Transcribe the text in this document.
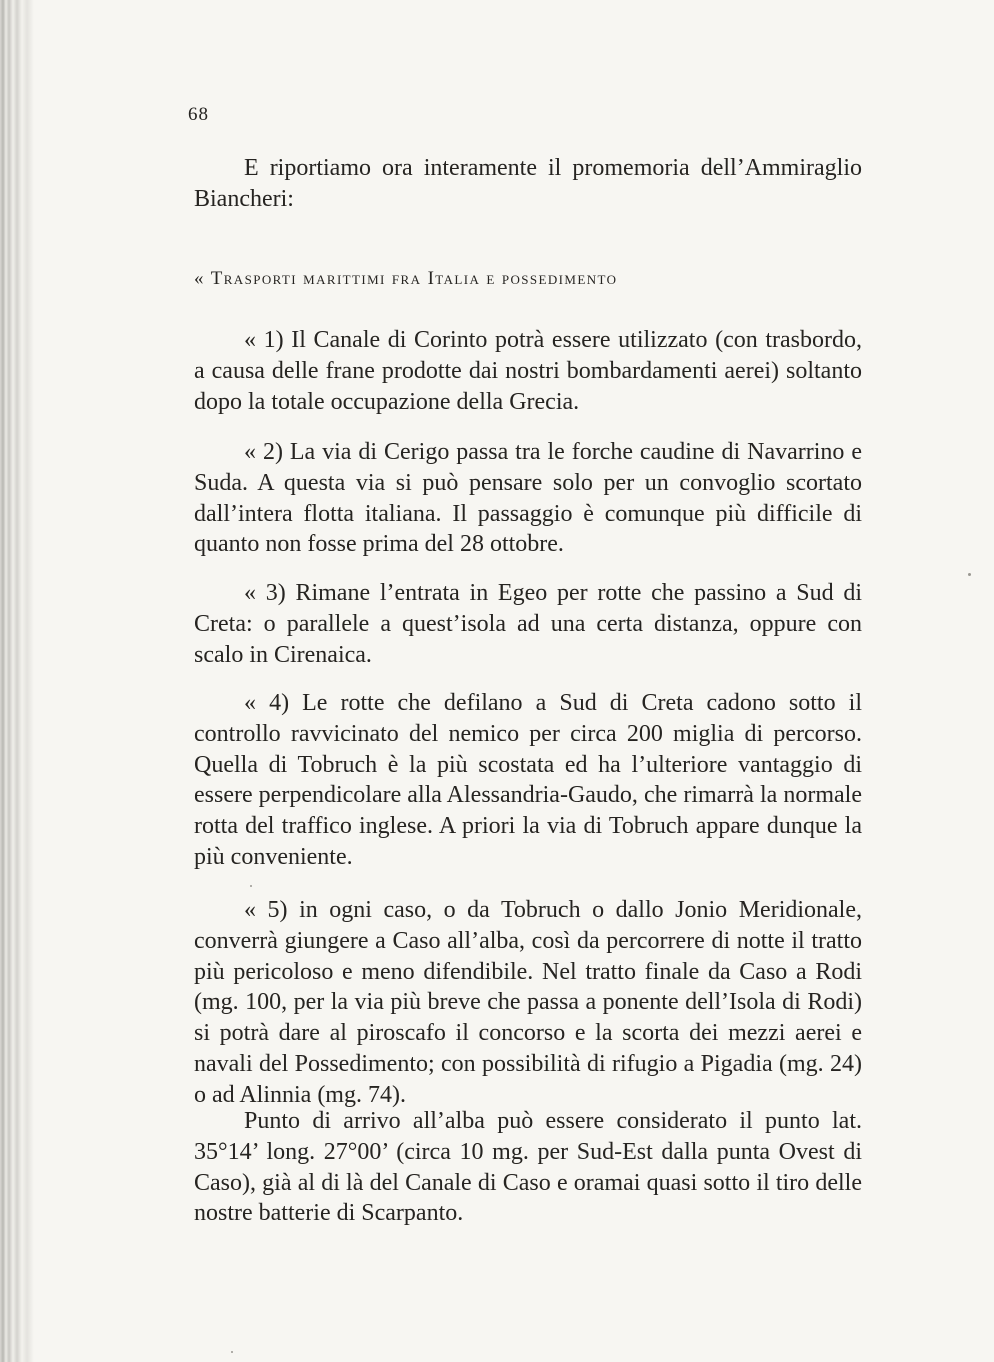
68

E riportiamo ora interamente il promemoria dell’Ammiraglio Biancheri:

« Trasporti marittimi fra Italia e possedimento

« 1) Il Canale di Corinto potrà essere utilizzato (con trasbordo, a causa delle frane prodotte dai nostri bombardamenti aerei) soltanto dopo la totale occupazione della Grecia.

« 2) La via di Cerigo passa tra le forche caudine di Navarrino e Suda. A questa via si può pensare solo per un convoglio scortato dall’intera flotta italiana. Il passaggio è comunque più difficile di quanto non fosse prima del 28 ottobre.

« 3) Rimane l’entrata in Egeo per rotte che passino a Sud di Creta: o parallele a quest’isola ad una certa distanza, oppure con scalo in Cirenaica.

« 4) Le rotte che defilano a Sud di Creta cadono sotto il controllo ravvicinato del nemico per circa 200 miglia di percorso. Quella di Tobruch è la più scostata ed ha l’ulteriore vantaggio di essere perpendicolare alla Alessandria-Gaudo, che rimarrà la normale rotta del traffico inglese. A priori la via di Tobruch appare dunque la più conveniente.

« 5) in ogni caso, o da Tobruch o dallo Jonio Meridionale, converrà giungere a Caso all’alba, così da percorrere di notte il tratto più pericoloso e meno difendibile. Nel tratto finale da Caso a Rodi (mg. 100, per la via più breve che passa a ponente dell’Isola di Rodi) si potrà dare al piroscafo il concorso e la scorta dei mezzi aerei e navali del Possedimento; con possibilità di rifugio a Pigadia (mg. 24) o ad Alinnia (mg. 74).

Punto di arrivo all’alba può essere considerato il punto lat. 35°14’ long. 27°00’ (circa 10 mg. per Sud-Est dalla punta Ovest di Caso), già al di là del Canale di Caso e oramai quasi sotto il tiro delle nostre batterie di Scarpanto.
